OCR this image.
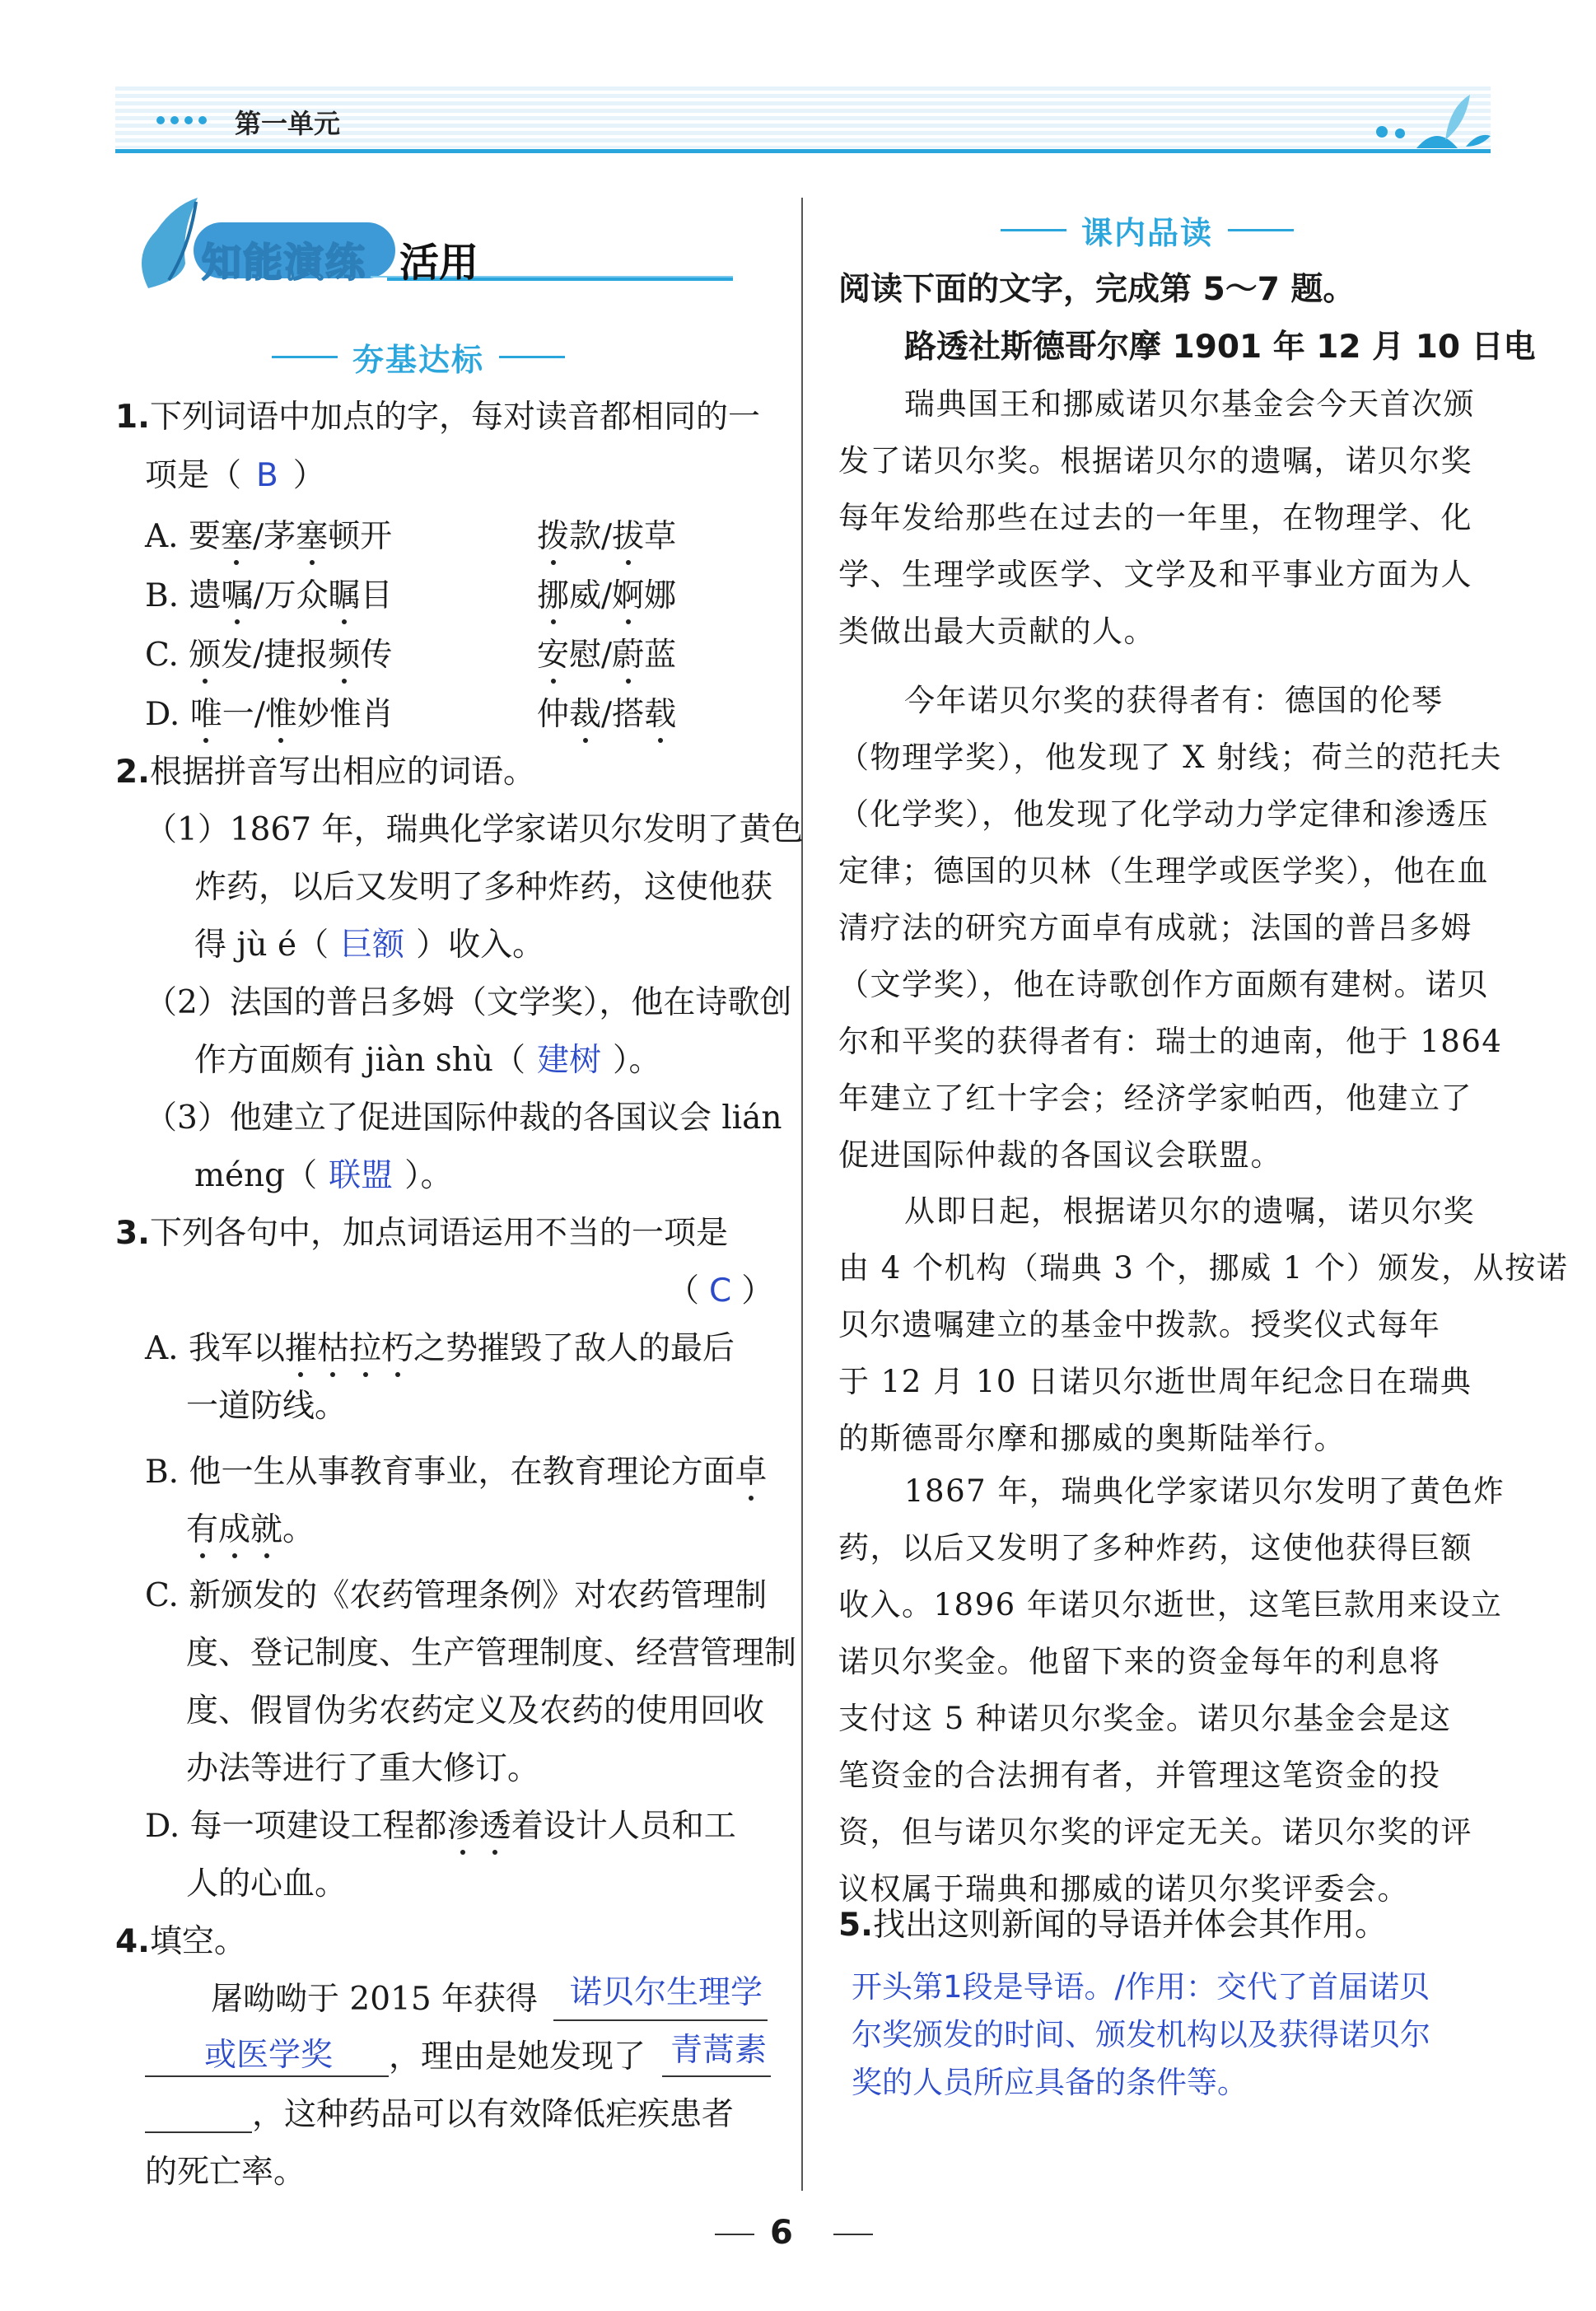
第一单元
知能演练 活用
夯基达标
1.下列词语中加点的字，每对读音都相同的一
项是（ B ）
A. 要塞/茅塞顿开	拨款/拔草
B. 遗嘱/万众瞩目	挪威/婀娜
C. 颁发/捷报频传	安慰/蔚蓝
D. 唯一/惟妙惟肖	仲裁/搭载
2.根据拼音写出相应的词语。
（1）1867 年，瑞典化学家诺贝尔发明了黄色
炸药，以后又发明了多种炸药，这使他获
得 jù é（ 巨额 ）收入。
（2）法国的普吕多姆（文学奖），他在诗歌创
作方面颇有 jiàn shù（ 建树 ）。
（3）他建立了促进国际仲裁的各国议会 lián
méng（ 联盟 ）。
3.下列各句中，加点词语运用不当的一项是
（ C ）
A. 我军以摧枯拉朽之势摧毁了敌人的最后
一道防线。
B. 他一生从事教育事业，在教育理论方面卓
有成就。
C. 新颁发的《农药管理条例》对农药管理制
度、登记制度、生产管理制度、经营管理制
度、假冒伪劣农药定义及农药的使用回收
办法等进行了重大修订。
D. 每一项建设工程都渗透着设计人员和工
人的心血。
4.填空。
屠呦呦于 2015 年获得 诺贝尔生理学
或医学奖 ，理由是她发现了 青蒿素
，这种药品可以有效降低疟疾患者
的死亡率。
课内品读
阅读下面的文字，完成第 5～7 题。
路透社斯德哥尔摩 1901 年 12 月 10 日电
瑞典国王和挪威诺贝尔基金会今天首次颁
发了诺贝尔奖。根据诺贝尔的遗嘱，诺贝尔奖
每年发给那些在过去的一年里，在物理学、化
学、生理学或医学、文学及和平事业方面为人
类做出最大贡献的人。
今年诺贝尔奖的获得者有：德国的伦琴
（物理学奖），他发现了 X 射线；荷兰的范托夫
（化学奖），他发现了化学动力学定律和渗透压
定律；德国的贝林（生理学或医学奖），他在血
清疗法的研究方面卓有成就；法国的普吕多姆
（文学奖），他在诗歌创作方面颇有建树。诺贝
尔和平奖的获得者有：瑞士的迪南，他于 1864
年建立了红十字会；经济学家帕西，他建立了
促进国际仲裁的各国议会联盟。
从即日起，根据诺贝尔的遗嘱，诺贝尔奖
由 4 个机构（瑞典 3 个，挪威 1 个）颁发，从按诺
贝尔遗嘱建立的基金中拨款。授奖仪式每年
于 12 月 10 日诺贝尔逝世周年纪念日在瑞典
的斯德哥尔摩和挪威的奥斯陆举行。
1867 年，瑞典化学家诺贝尔发明了黄色炸
药，以后又发明了多种炸药，这使他获得巨额
收入。1896 年诺贝尔逝世，这笔巨款用来设立
诺贝尔奖金。他留下来的资金每年的利息将
支付这 5 种诺贝尔奖金。诺贝尔基金会是这
笔资金的合法拥有者，并管理这笔资金的投
资，但与诺贝尔奖的评定无关。诺贝尔奖的评
议权属于瑞典和挪威的诺贝尔奖评委会。
5.找出这则新闻的导语并体会其作用。
开头第1段是导语。/作用：交代了首届诺贝
尔奖颁发的时间、颁发机构以及获得诺贝尔
奖的人员所应具备的条件等。
6
